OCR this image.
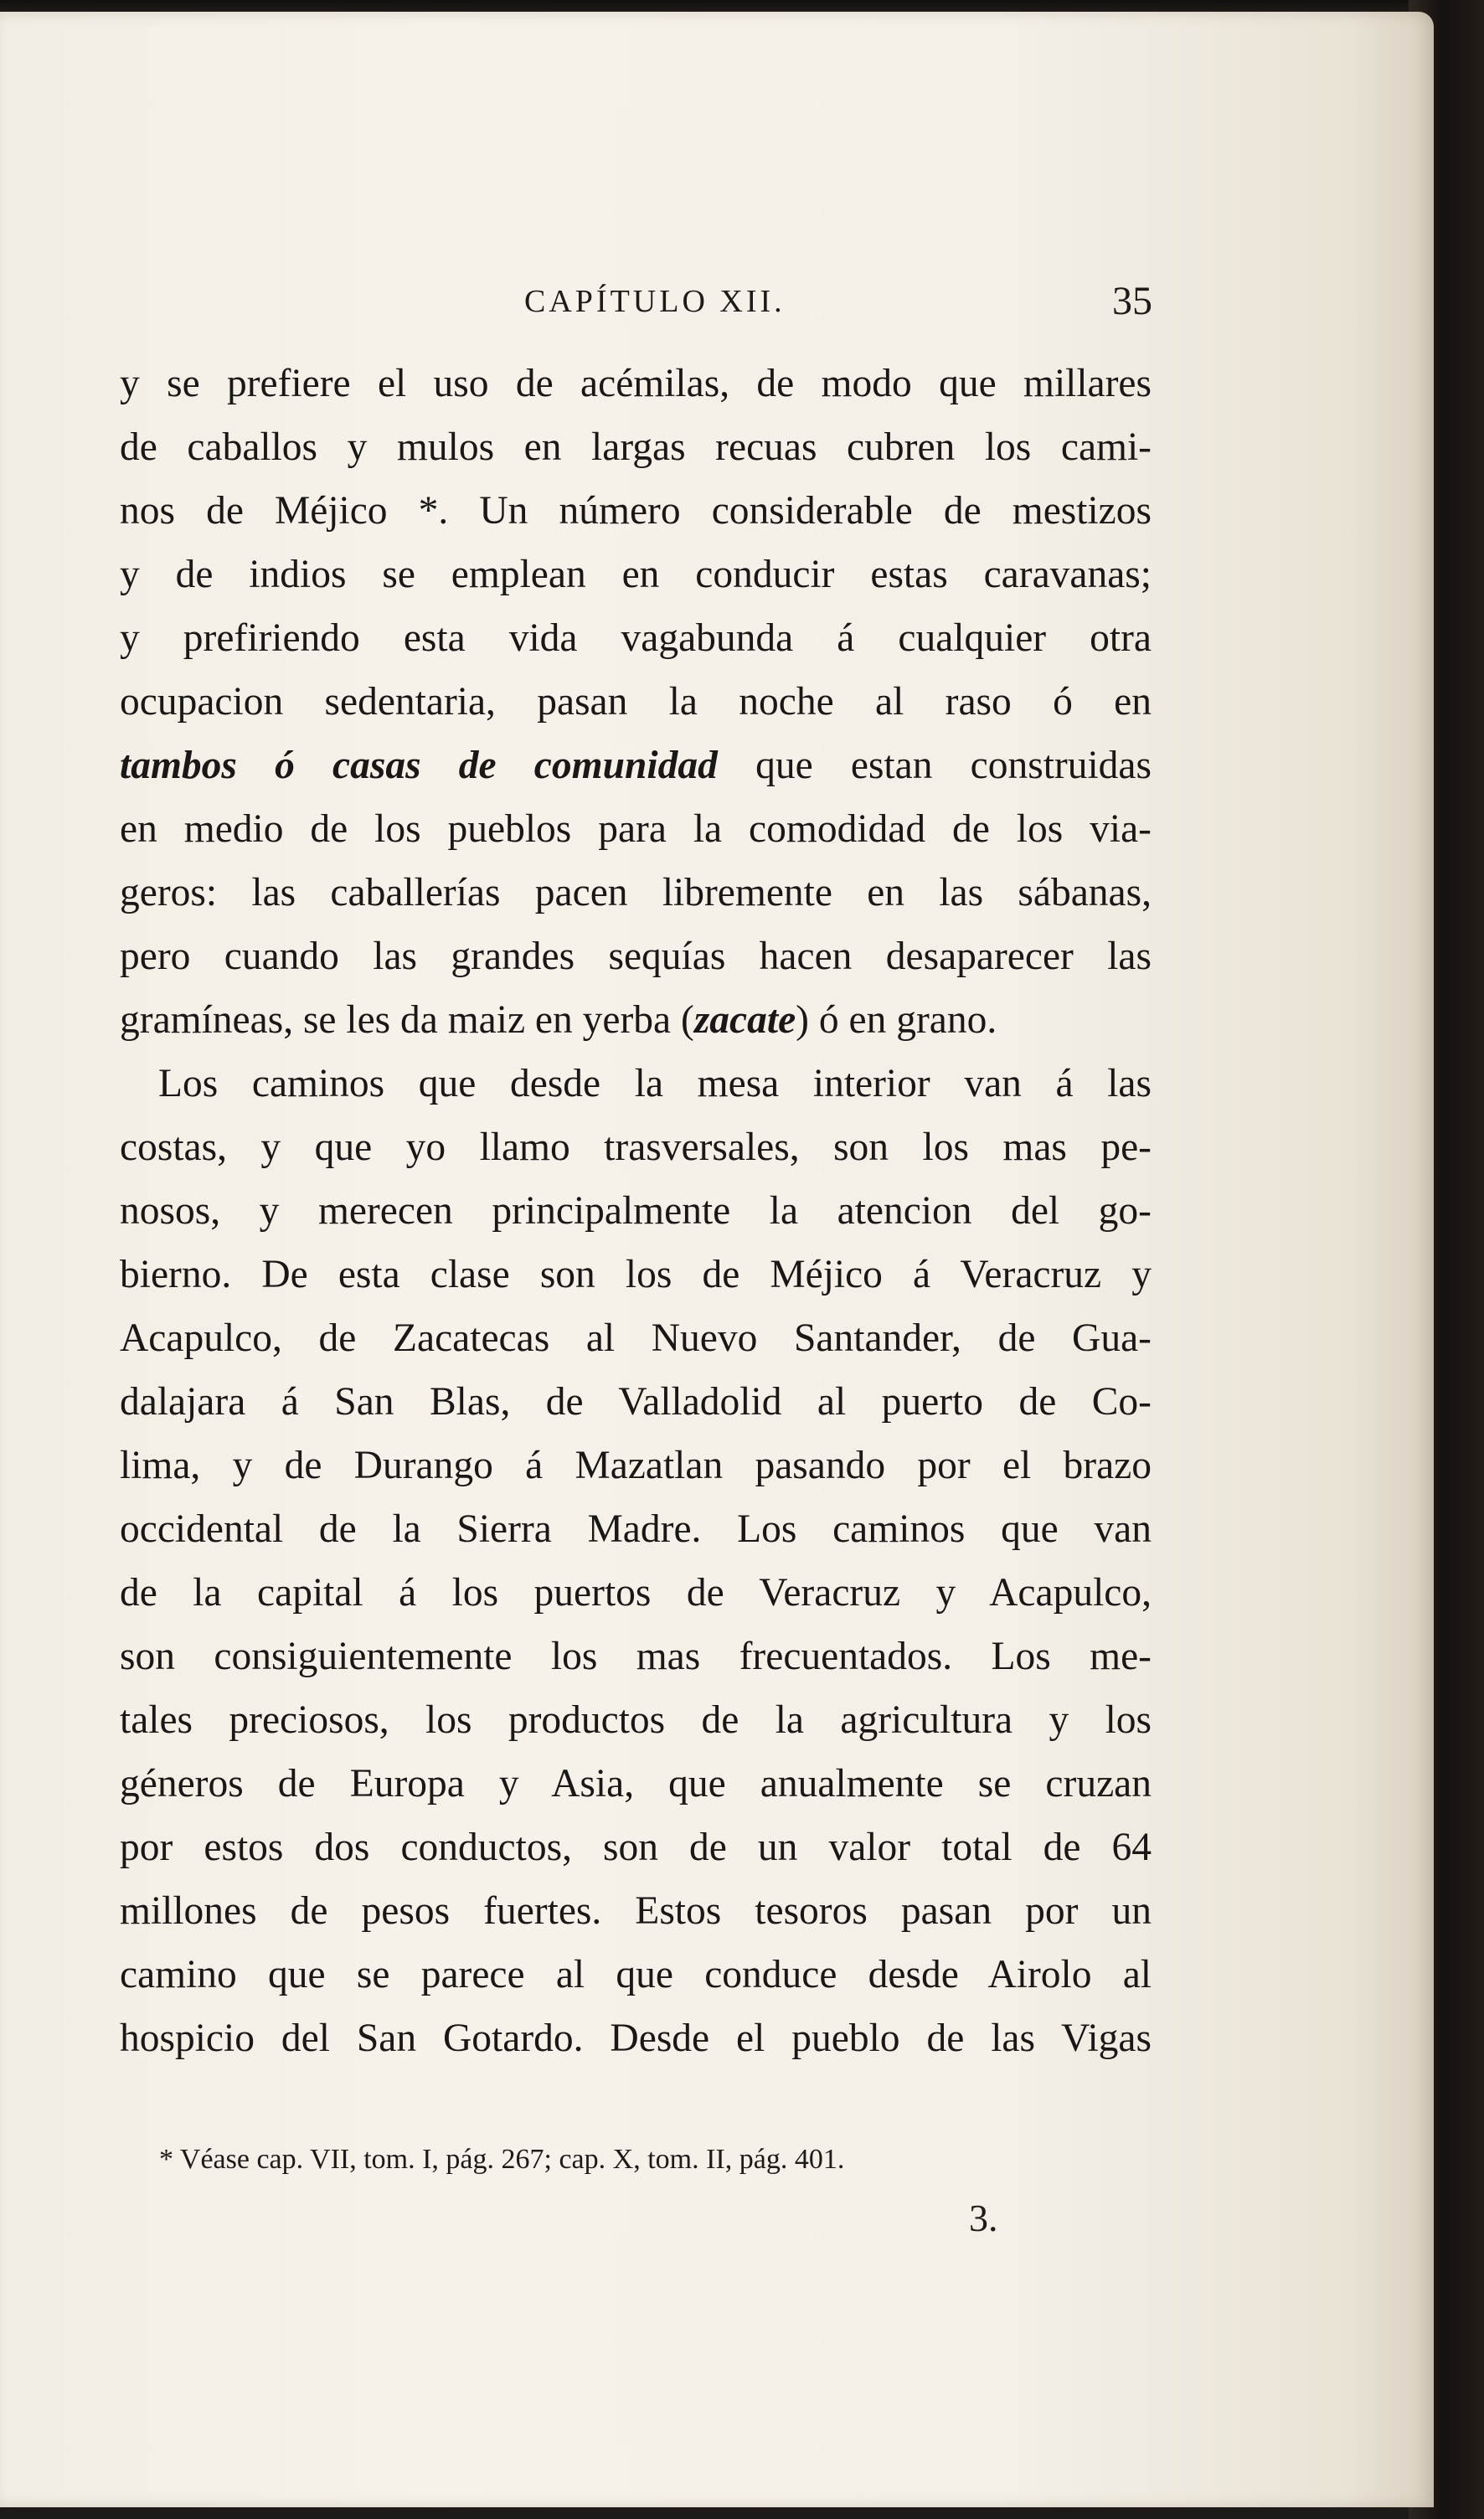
CAPÍTULO XII.	35
y se prefiere el uso de acémilas, de modo que millares
de caballos y mulos en largas recuas cubren los cami-
nos de Méjico *. Un número considerable de mestizos
y de indios se emplean en conducir estas caravanas;
y prefiriendo esta vida vagabunda á cualquier otra
ocupacion sedentaria, pasan la noche al raso ó en
tambos ó casas de comunidad que estan construidas
en medio de los pueblos para la comodidad de los via-
geros: las caballerías pacen libremente en las sábanas,
pero cuando las grandes sequías hacen desaparecer las
gramíneas, se les da maiz en yerba (zacate) ó en grano.
Los caminos que desde la mesa interior van á las
costas, y que yo llamo trasversales, son los mas pe-
nosos, y merecen principalmente la atencion del go-
bierno. De esta clase son los de Méjico á Veracruz y
Acapulco, de Zacatecas al Nuevo Santander, de Gua-
dalajara á San Blas, de Valladolid al puerto de Co-
lima, y de Durango á Mazatlan pasando por el brazo
occidental de la Sierra Madre. Los caminos que van
de la capital á los puertos de Veracruz y Acapulco,
son consiguientemente los mas frecuentados. Los me-
tales preciosos, los productos de la agricultura y los
géneros de Europa y Asia, que anualmente se cruzan
por estos dos conductos, son de un valor total de 64
millones de pesos fuertes. Estos tesoros pasan por un
camino que se parece al que conduce desde Airolo al
hospicio del San Gotardo. Desde el pueblo de las Vigas
* Véase cap. VII, tom. I, pág. 267; cap. X, tom. II, pág. 401.
3.
